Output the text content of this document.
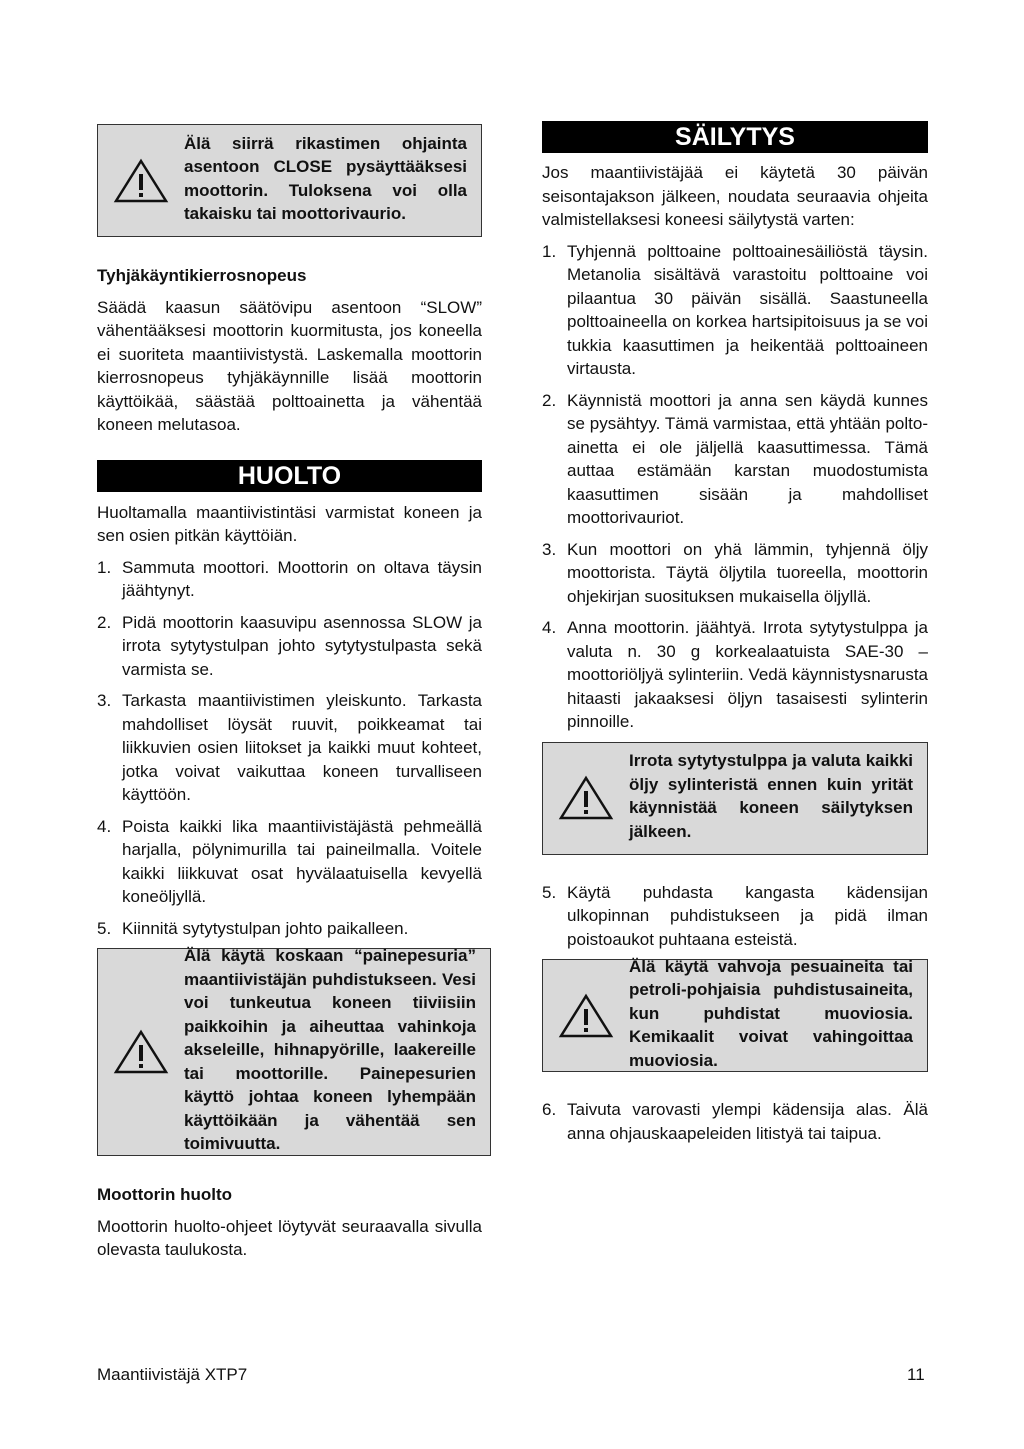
Älä siirrä rikastimen ohjainta asentoon CLOSE pysäyttääksesi moottorin. Tuloksena voi olla takaisku tai moottorivaurio.

Tyhjäkäyntikierrosnopeus

Säädä kaasun säätövipu asentoon “SLOW” vähentääksesi moottorin kuormitusta, jos koneella ei suoriteta maantiivistystä. Laskemalla moottorin kierrosnopeus tyhjäkäynnille lisää moottorin käyttöikää, säästää polttoainetta ja vähentää koneen melutasoa.

HUOLTO

Huoltamalla maantiivistintäsi varmistat koneen ja sen osien pitkän käyttöiän.

1. Sammuta moottori. Moottorin on oltava täysin jäähtynyt.
2. Pidä moottorin kaasuvipu asennossa SLOW ja irrota sytytystulpan johto sytytystulpasta sekä varmista se.
3. Tarkasta maantiivistimen yleiskunto. Tarkasta mahdolliset löysät ruuvit, poikkeamat tai liikkuvien osien liitokset ja kaikki muut kohteet, jotka voivat vaikuttaa koneen turvalliseen käyttöön.
4. Poista kaikki lika maantiivistäjästä pehmeällä harjalla, pölynimurilla tai paineilmalla. Voitele kaikki liikkuvat osat hyvälaatuisella kevyellä koneöljyllä.
5. Kiinnitä sytytystulpan johto paikalleen.
Älä käytä koskaan “painepesuria” maantiivistäjän puhdistukseen. Vesi voi tunkeutua koneen tiiviisiin paikkoihin ja aiheuttaa vahinkoja akseleille, hihnapyörille, laakereille tai moottorille. Painepesurien käyttö johtaa koneen lyhempään käyttöikään ja vähentää sen toimivuutta.

Moottorin huolto

Moottorin huolto-ohjeet löytyvät seuraavalla sivulla olevasta taulukosta.

SÄILYTYS

Jos maantiivistäjää ei käytetä 30 päivän seisontajakson jälkeen, noudata seuraavia ohjeita valmistellaksesi koneesi säilytystä varten:

1. Tyhjennä polttoaine polttoainesäiliöstä täysin. Metanolia sisältävä varastoitu polttoaine voi pilaantua 30 päivän sisällä. Saastuneella polttoaineella on korkea hartsipitoisuus ja se voi tukkia kaasuttimen ja heikentää polttoaineen virtausta.
2. Käynnistä moottori ja anna sen käydä kunnes se pysähtyy. Tämä varmistaa, että yhtään polto-ainetta ei ole jäljellä kaasuttimessa. Tämä auttaa estämään karstan muodostumista kaasuttimen sisään ja mahdolliset moottorivauriot.
3. Kun moottori on yhä lämmin, tyhjennä öljy moottorista. Täytä öljytila tuoreella, moottorin ohjekirjan suosituksen mukaisella öljyllä.
4. Anna moottorin. jäähtyä. Irrota sytytystulppa ja valuta n. 30 g korkealaatuista SAE-30 – moottoriöljyä sylinteriin. Vedä käynnistysnarusta hitaasti jakaaksesi öljyn tasaisesti sylinterin pinnoille.
Irrota sytytystulppa ja valuta kaikki öljy sylinteristä ennen kuin yrität käynnistää koneen säilytyksen jälkeen.
5. Käytä puhdasta kangasta kädensijan ulkopinnan puhdistukseen ja pidä ilman poistoaukot puhtaana esteistä.
Älä käytä vahvoja pesuaineita tai petroli-pohjaisia puhdistusaineita, kun puhdistat muoviosia. Kemikaalit voivat vahingoittaa muoviosia.
6. Taivuta varovasti ylempi kädensija alas. Älä anna ohjauskaapeleiden litistyä tai taipua.
Maantiivistäjä XTP7	11
